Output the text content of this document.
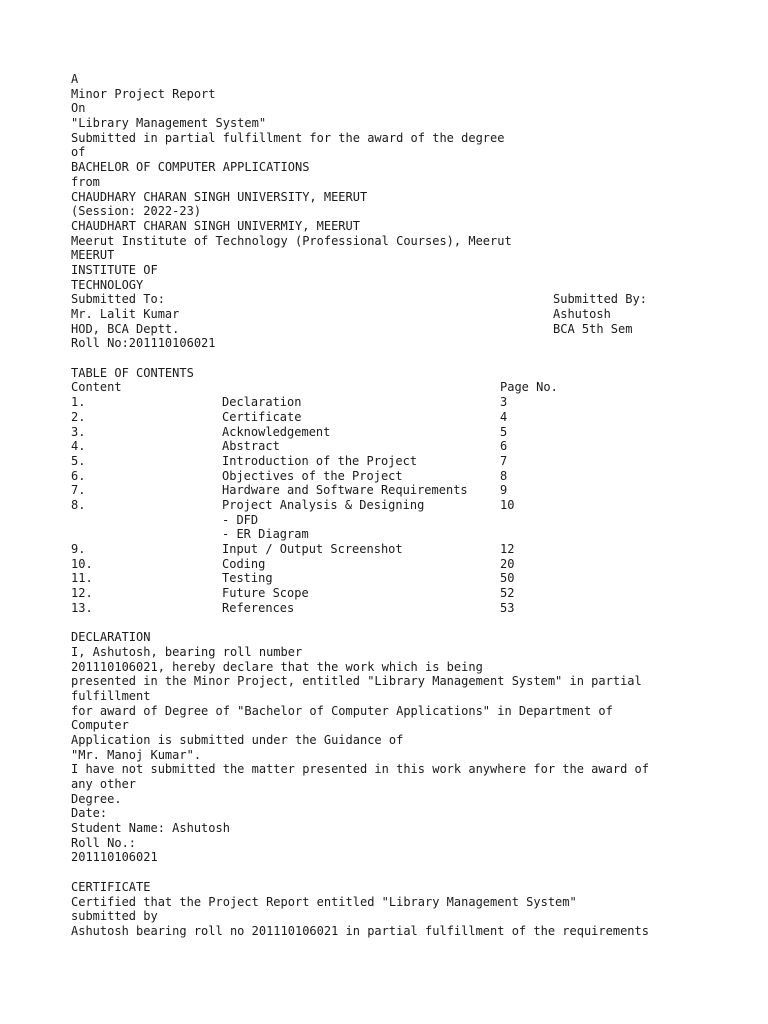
A
Minor Project Report
On
"Library Management System"
Submitted in partial fulfillment for the award of the degree
of
BACHELOR OF COMPUTER APPLICATIONS
from
CHAUDHARY CHARAN SINGH UNIVERSITY, MEERUT
(Session: 2022-23)
CHAUDHART CHARAN SINGH UNIVERMIY, MEERUT
Meerut Institute of Technology (Professional Courses), Meerut
MEERUT
INSTITUTE OF
TECHNOLOGY

Submitted To:

	Submitted By:

Mr. Lalit Kumar

	Ashutosh

HOD, BCA Deptt.

	BCA 5th Sem

Roll No:201110106021
TABLE OF CONTENTS

Content

	Page No.

1.	Declaration	3
2.	Certificate	4
3.	Acknowledgement	5
4.	Abstract	6
5.	Introduction of the Project	7
6.	Objectives of the Project	8
7.	Hardware and Software Requirements	9
8.	Project Analysis & Designing	10

- DFD

- ER Diagram

9.	Input / Output Screenshot	12
10.	Coding	20
11.	Testing	50
12.	Future Scope	52
13.	References	53
DECLARATION
I, Ashutosh, bearing roll number
201110106021, hereby declare that the work which is being
presented in the Minor Project, entitled "Library Management System" in partial
fulfillment
for award of Degree of "Bachelor of Computer Applications" in Department of
Computer
Application is submitted under the Guidance of
"Mr. Manoj Kumar".
I have not submitted the matter presented in this work anywhere for the award of
any other
Degree.
Date:
Student Name: Ashutosh
Roll No.:
201110106021
CERTIFICATE
Certified that the Project Report entitled "Library Management System"
submitted by
Ashutosh bearing roll no 201110106021 in partial fulfillment of the requirements
